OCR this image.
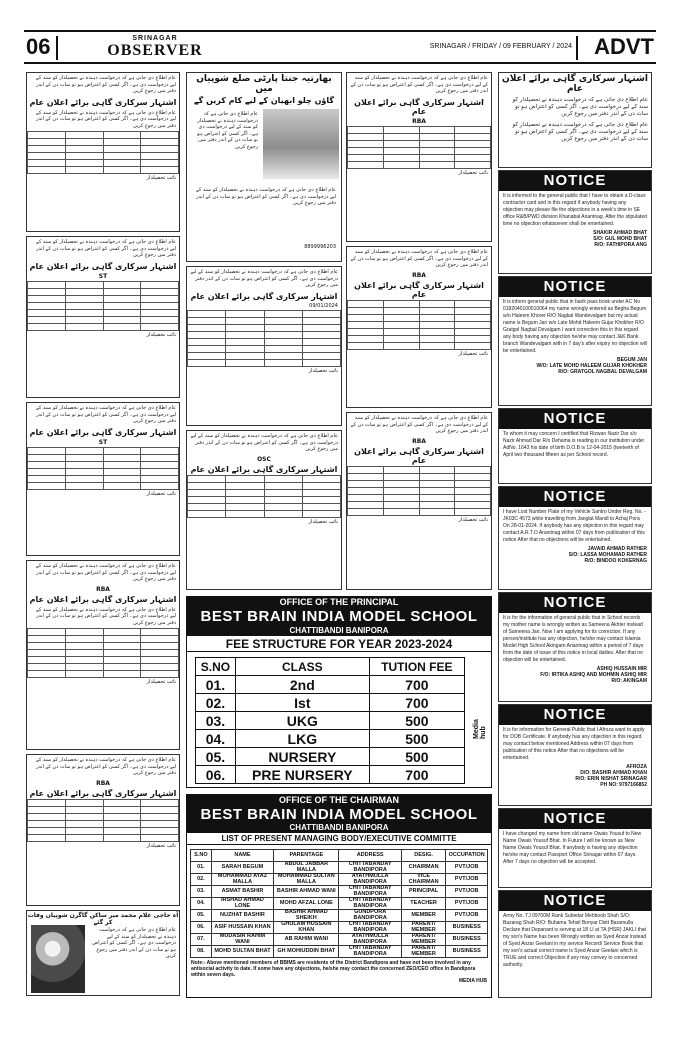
06	SRINAGAR
OBSERVER	SRINAGAR / FRIDAY / 09 FEBRUARY / 2024 ADVT
عام اطلاع دی جاتی ہے کہ درخواست دہندہ نے تحصیلدار کو سند کے لیے درخواست دی ہے۔ اگر کسی کو اعتراض ہو تو سات دن کے اندر دفتر میں رجوع کریں
اشتہار سرکاری گاہی برائے اعلان عام
عام اطلاع دی جاتی ہے کہ درخواست دہندہ نے تحصیلدار کو سند کے لیے درخواست دی ہے۔ اگر کسی کو اعتراض ہو تو سات دن کے اندر دفتر میں رجوع کریں

نائب تحصیلدار
عام اطلاع دی جاتی ہے کہ درخواست دہندہ نے تحصیلدار کو سند کے لیے درخواست دی ہے۔ اگر کسی کو اعتراض ہو تو سات دن کے اندر دفتر میں رجوع کریں
اشتہار سرکاری گاہی برائے اعلان عام
ST

نائب تحصیلدار
عام اطلاع دی جاتی ہے کہ درخواست دہندہ نے تحصیلدار کو سند کے لیے درخواست دی ہے۔ اگر کسی کو اعتراض ہو تو سات دن کے اندر دفتر میں رجوع کریں
اشتہار سرکاری گاہی برائے اعلان عام
ST

نائب تحصیلدار
عام اطلاع دی جاتی ہے کہ درخواست دہندہ نے تحصیلدار کو سند کے لیے درخواست دی ہے۔ اگر کسی کو اعتراض ہو تو سات دن کے اندر دفتر میں رجوع کریں
RBA
اشتہار سرکاری گاہی برائے اعلان عام
عام اطلاع دی جاتی ہے کہ درخواست دہندہ نے تحصیلدار کو سند کے لیے درخواست دی ہے۔ اگر کسی کو اعتراض ہو تو سات دن کے اندر دفتر میں رجوع کریں

نائب تحصیلدار
عام اطلاع دی جاتی ہے کہ درخواست دہندہ نے تحصیلدار کو سند کے لیے درخواست دی ہے۔ اگر کسی کو اعتراض ہو تو سات دن کے اندر دفتر میں رجوع کریں
RBA
اشتہار سرکاری گاہی برائے اعلان عام

نائب تحصیلدار
آہ حاجی غلام محمد میر ساکن گاگرن شوپیاں وفات کر گئے
عام اطلاع دی جاتی ہے کہ درخواست دہندہ نے تحصیلدار کو سند کے لیے درخواست دی ہے۔ اگر کسی کو اعتراض ہو تو سات دن کے اندر دفتر میں رجوع کریں
بھارتیہ جنتا پارٹی ضلع شوپیاں میں
گاؤں چلو ابھیان کے لیے کام کریں گے
عام اطلاع دی جاتی ہے کہ درخواست دہندہ نے تحصیلدار کو سند کے لیے درخواست دی ہے۔ اگر کسی کو اعتراض ہو تو سات دن کے اندر دفتر میں رجوع کریں
عام اطلاع دی جاتی ہے کہ درخواست دہندہ نے تحصیلدار کو سند کے لیے درخواست دی ہے۔ اگر کسی کو اعتراض ہو تو سات دن کے اندر دفتر میں رجوع کریں
8899996203
عام اطلاع دی جاتی ہے کہ درخواست دہندہ نے تحصیلدار کو سند کے لیے درخواست دی ہے۔ اگر کسی کو اعتراض ہو تو سات دن کے اندر دفتر میں رجوع کریں
اشتہار سرکاری گاہی برائے اعلان عام
09/01/2024

نائب تحصیلدار
عام اطلاع دی جاتی ہے کہ درخواست دہندہ نے تحصیلدار کو سند کے لیے درخواست دی ہے۔ اگر کسی کو اعتراض ہو تو سات دن کے اندر دفتر میں رجوع کریں
OSC
اشتہار سرکاری گاہی برائے اعلان عام

نائب تحصیلدار
عام اطلاع دی جاتی ہے کہ درخواست دہندہ نے تحصیلدار کو سند کے لیے درخواست دی ہے۔ اگر کسی کو اعتراض ہو تو سات دن کے اندر دفتر میں رجوع کریں
اشتہار سرکاری گاہی برائے اعلان عام
RBA

نائب تحصیلدار
عام اطلاع دی جاتی ہے کہ درخواست دہندہ نے تحصیلدار کو سند کے لیے درخواست دی ہے۔ اگر کسی کو اعتراض ہو تو سات دن کے اندر دفتر میں رجوع کریں
RBA
اشتہار سرکاری گاہی برائے اعلان عام

نائب تحصیلدار
عام اطلاع دی جاتی ہے کہ درخواست دہندہ نے تحصیلدار کو سند کے لیے درخواست دی ہے۔ اگر کسی کو اعتراض ہو تو سات دن کے اندر دفتر میں رجوع کریں
RBA
اشتہار سرکاری گاہی برائے اعلان عام

نائب تحصیلدار
OFFICE OF THE PRINCIPAL
BEST BRAIN INDIA MODEL SCHOOL
CHATTIBANDI BANIPORA
FEE STRUCTURE FOR YEAR 2023-2024
S.NO	CLASS	TUTION FEE
01.	2nd	700
02.	Ist	700
03.	UKG	500
04.	LKG	500
05.	NURSERY	500
06.	PRE NURSERY	700
Media hub
OFFICE OF THE CHAIRMAN
BEST BRAIN INDIA MODEL SCHOOL
CHATTIBANDI BANIPORA
LIST OF PRESENT MANAGING BODY/EXECUTIVE COMMITTE
S.NO	NAME	PARENTAGE	ADDRESS	DESIG.	OCCUPATION
01.	SARAH BEGUM	ABDUL JABBAR MALLA	CHITTABANDAY BANDIPORA	CHAIRMAN	PVT/JOB
02.	MOHAMMAD AYAZ MALLA	MOHAMMAD SULTAN MALLA	AYATHMULLA BANDIPORA	VICE CHAIRMAN	PVT/JOB
03.	ASMAT BASHIR	BASHIR AHMAD WANI	CHITTABANDAY BANDIPORA	PRINCIPAL	PVT/JOB
04.	IRSHAD AHMAD LONE	MOHD AFZAL LONE	CHITTABANDAY BANDIPORA	TEACHER	PVT/JOB
05.	NUZHAT BASHIR	BASHIR AHMAD SHEIKH	GUNDPORA BANDIPORA	MEMBER	PVT/JOB
06.	ASIF HUSSAIN KHAN	GHULAM HUSSAIN KHAN	CHITTABANDAY BANDIPORA	PARENT/ MEMBER	BUSINESS
07.	MUDASIR RAHIM WANI	AB RAHIM WANI	AYATHMULLA BANDIPORA	PARENT/ MEMBER	BUSINESS
08.	MOHD SULTAN BHAT	GH MOHIUDDIN BHAT	CHITTABANDAY BANDIPORA	PARENT/ MEMBER	BUSINESS
Note:- Above mentioned members of BBIMS are residents of the District Bandipora and have not been involved in any antisocial activity to date. If some have any objections, he/she may contact the concerned ZEO/CEO office in Bandipora within seven days.
MEDIA HUB
اشتہار سرکاری گاہی برائے اعلان عام
عام اطلاع دی جاتی ہے کہ درخواست دہندہ نے تحصیلدار کو سند کے لیے درخواست دی ہے۔ اگر کسی کو اعتراض ہو تو سات دن کے اندر دفتر میں رجوع کریں
عام اطلاع دی جاتی ہے کہ درخواست دہندہ نے تحصیلدار کو سند کے لیے درخواست دی ہے۔ اگر کسی کو اعتراض ہو تو سات دن کے اندر دفتر میں رجوع کریں
NOTICE
It is informed to the general public that I have to obtain a D-class contractor card and in this regard if anybody having any objection may please file the objections in a week's time in SE office R&B/PWD division Khanabal Anantnag. After the stipulated time no objection whatsoever shall be entertained.
SHAKIR AHMAD BHAT
S/O: GUL MOHD BHAT
R/O: FATHIPORA ANG
NOTICE
It is inform general public that in bank pass book under AC No 0182040100010064 my name wrongly entered as Begha Begum w/o Haleem Khorer R/O Nagbal Wandevalgam but my actual name is Begum Jan w/o Late Mohd Haleem Gujar Khokher R/O Gratgol Nagbal Devalgam I want correction this in this regard any body having any objection he/she may contact J&K Bank branch Wandevalgam with in 7 day's after expiry no objection will be entertained.
BEGUM JAN
W/O: LATE MOHD HALEEM GUJAR KHOKHER
R/O: GRATGOL NAGBAL DEVALGAM
NOTICE
To whom it may concern I certified that Rizwan Nazir Dar s/o Nazir Ahmad Dar R/o Dehama is reading in our institution under AdNo. 1643 his date of birth D.O.B is 12-04-2015 (twelveth of April two thousand fifteen as per School record.
NOTICE
I have Lost Number Plate of my Vehicle Santro Under Reg. No. - JK03C 4573 while travelling from Janglat Mandi to Achaj Pora On 28-01-2024. If anybody has any objection in this regard may contact A.R.T.O Anantnag within 07 days from publication of this notice After that no objections will be entertained.
JAVAID AHMAD RATHER
S/O: LASSA MOHAMAD RATHER
R/O: BINDOO KOKERNAG
NOTICE
It is for the information of general public that in School records my mother name is wrongly written as Sameena Akhter instead of Sameena Jan. Now I am applying for its correction. If any person/institute has any objection, he/she may contact Islamia Model High School Akingam Anantnag within a period of 7 days from the date of issue of this notice in local dailies. After that no objection will be entertained.
ASHIQ HUSSAIN MIR
F/O: IRTIKA ASHIQ AND MOHMIN ASHIQ MIR
R/O: AKINGAM
NOTICE
It is for information for General Public that I Afroza want to apply for DOB Certificate. If anybody has any objection in this regard may contact below mentioned Address within 07 days from publication of this notice After that no objections will be entertained.
AFROZA
D/O: BASHIR AHMAD KHAN
R/O: ERIN NISHAT SRINAGAR
PH NO: 9797166852
NOTICE
I have changed my name from old name Owais Yousuf to New Name Owais Yousuf Bhat. In Future I will be known as New Name Owais Yousuf Bhat. If anybody is having any objection he/she may contact Passport Office Srinagar within 07 days. After 7 days no objection will be accepted.
NOTICE
Army No. TJ 09700M Rank Subedar Mehboob Shah S/O: Bazarag Shah R/O: Buhama Tehsil Bonyar Distt Baramulla Declare that Depanant is serving at 18 LI at TA (HSR) JAKLI that my son's Name has been Wrongly written as Syed Anzar instead of Syed Anzar Geelani in my service Record/ Service Book that my son's actual correct name is Syed Anzar Geelani which is TRUE and correct Objection if any may convey to concerned authority.
